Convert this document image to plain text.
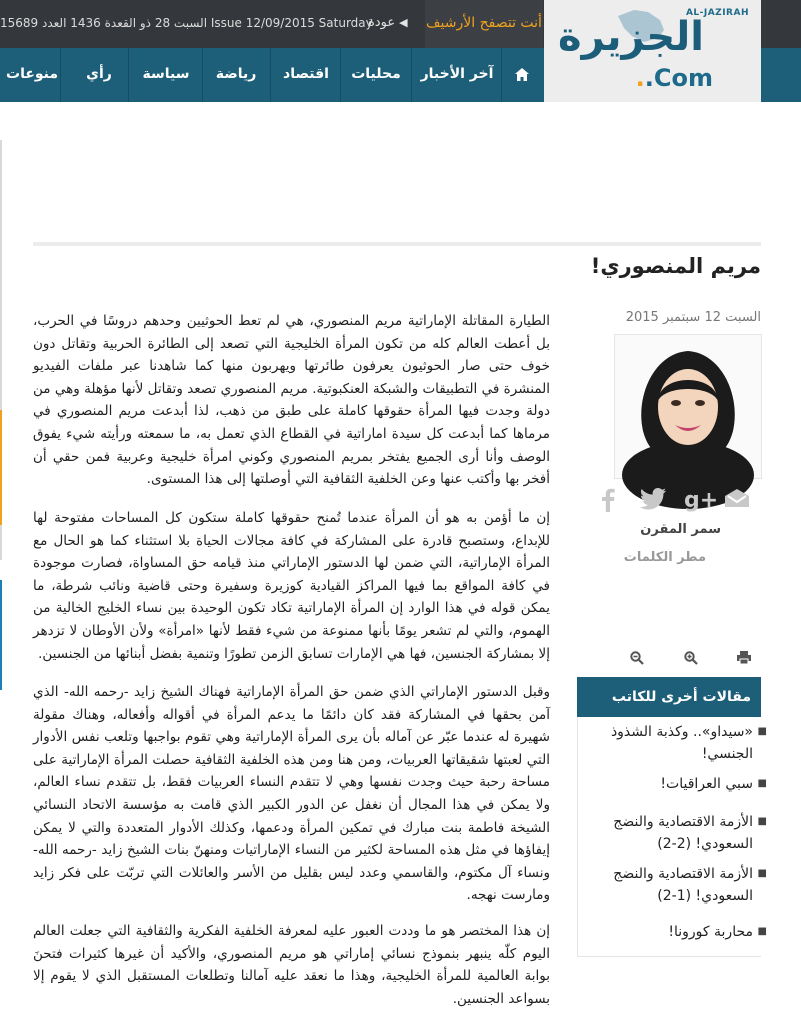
السبت 28 ذو القعدة 1436 العدد 15689 Issue 12/09/2015 Saturday	◀عودة	أنت تتصفح الأرشيف
منوعات	رأي	سياسة	رياضة	اقتصاد	محليات آخر الأخبار
AL-JAZIRAH
الجزيرة
..Com
مريم المنصوري!
السبت 12 سبتمبر 2015
g+
سمر المقرن
مطر الكلمات
مقالات أخرى للكاتب
■
«سيداو».. وكذبة الشذوذ الجنسي!
■
سبي العراقيات!
■
الأزمة الاقتصادية والنضج السعودي! (2-2)
■
الأزمة الاقتصادية والنضج السعودي! (1-2)
■
محاربة كورونا!
الطيارة المقاتلة الإماراتية مريم المنصوري، هي لم تعط الحوثيين وحدهم دروسًا في الحرب، بل أعطت العالم كله من تكون المرأة الخليجية التي تصعد إلى الطائرة الحربية وتقاتل دون خوف حتى صار الحوثيون يعرفون طائرتها ويهربون منها كما شاهدنا عبر ملفات الفيديو المنشرة في التطبيقات والشبكة العنكبوتية. مريم المنصوري تصعد وتقاتل لأنها مؤهلة وهي من دولة وجدت فيها المرأة حقوقها كاملة على طبق من ذهب، لذا أبدعت مريم المنصوري في مرماها كما أبدعت كل سيدة اماراتية في القطاع الذي تعمل به، ما سمعته ورأيته شيء يفوق الوصف وأنا أرى الجميع يفتخر بمريم المنصوري وكوني امرأة خليجية وعربية فمن حقي أن أفخر بها وأكتب عنها وعن الخلفية الثقافية التي أوصلتها إلى هذا المستوى.
إن ما أؤمن به هو أن المرأة عندما تُمنح حقوقها كاملة ستكون كل المساحات مفتوحة لها للإبداع، وستصبح قادرة على المشاركة في كافة مجالات الحياة بلا استثناء كما هو الحال مع المرأة الإماراتية، التي ضمن لها الدستور الإماراتي منذ قيامه حق المساواة، فصارت موجودة في كافة المواقع بما فيها المراكز القيادية كوزيرة وسفيرة وحتى قاضية ونائب شرطة، ما يمكن قوله في هذا الوارد إن المرأة الإماراتية تكاد تكون الوحيدة بين نساء الخليج الخالية من الهموم، والتي لم تشعر يومًا بأنها ممنوعة من شيء فقط لأنها «امرأة» ولأن الأوطان لا تزدهر إلا بمشاركة الجنسين، فها هي الإمارات تسابق الزمن تطورًا وتنمية بفضل أبنائها من الجنسين.
وقبل الدستور الإماراتي الذي ضمن حق المرأة الإماراتية فهناك الشيخ زايد -رحمه الله- الذي آمن بحقها في المشاركة فقد كان دائمًا ما يدعم المرأة في أقواله وأفعاله، وهناك مقولة شهيرة له عندما عبّر عن آماله بأن يرى المرأة الإماراتية وهي تقوم بواجبها وتلعب نفس الأدوار التي لعبتها شقيقاتها العربيات، ومن هنا ومن هذه الخلفية الثقافية حصلت المرأة الإماراتية على مساحة رحبة حيث وجدت نفسها وهي لا تتقدم النساء العربيات فقط، بل تتقدم نساء العالم، ولا يمكن في هذا المجال أن نغفل عن الدور الكبير الذي قامت به مؤسسة الاتحاد النسائي الشيخة فاطمة بنت مبارك في تمكين المرأة ودعمها، وكذلك الأدوار المتعددة والتي لا يمكن إيفاؤها في مثل هذه المساحة لكثير من النساء الإماراتيات ومنهنّ بنات الشيخ زايد -رحمه الله- ونساء آل مكتوم، والقاسمي وعدد ليس بقليل من الأسر والعائلات التي تربّت على فكر زايد ومارست نهجه.
إن هذا المختصر هو ما وددت العبور عليه لمعرفة الخلفية الفكرية والثقافية التي جعلت العالم اليوم كلّه ينبهر بنموذج نسائي إماراتي هو مريم المنصوري، والأكيد أن غيرها كثيرات فتحنَ بوابة العالمية للمرأة الخليجية، وهذا ما نعقد عليه آمالنا وتطلعات المستقبل الذي لا يقوم إلا بسواعد الجنسين.
